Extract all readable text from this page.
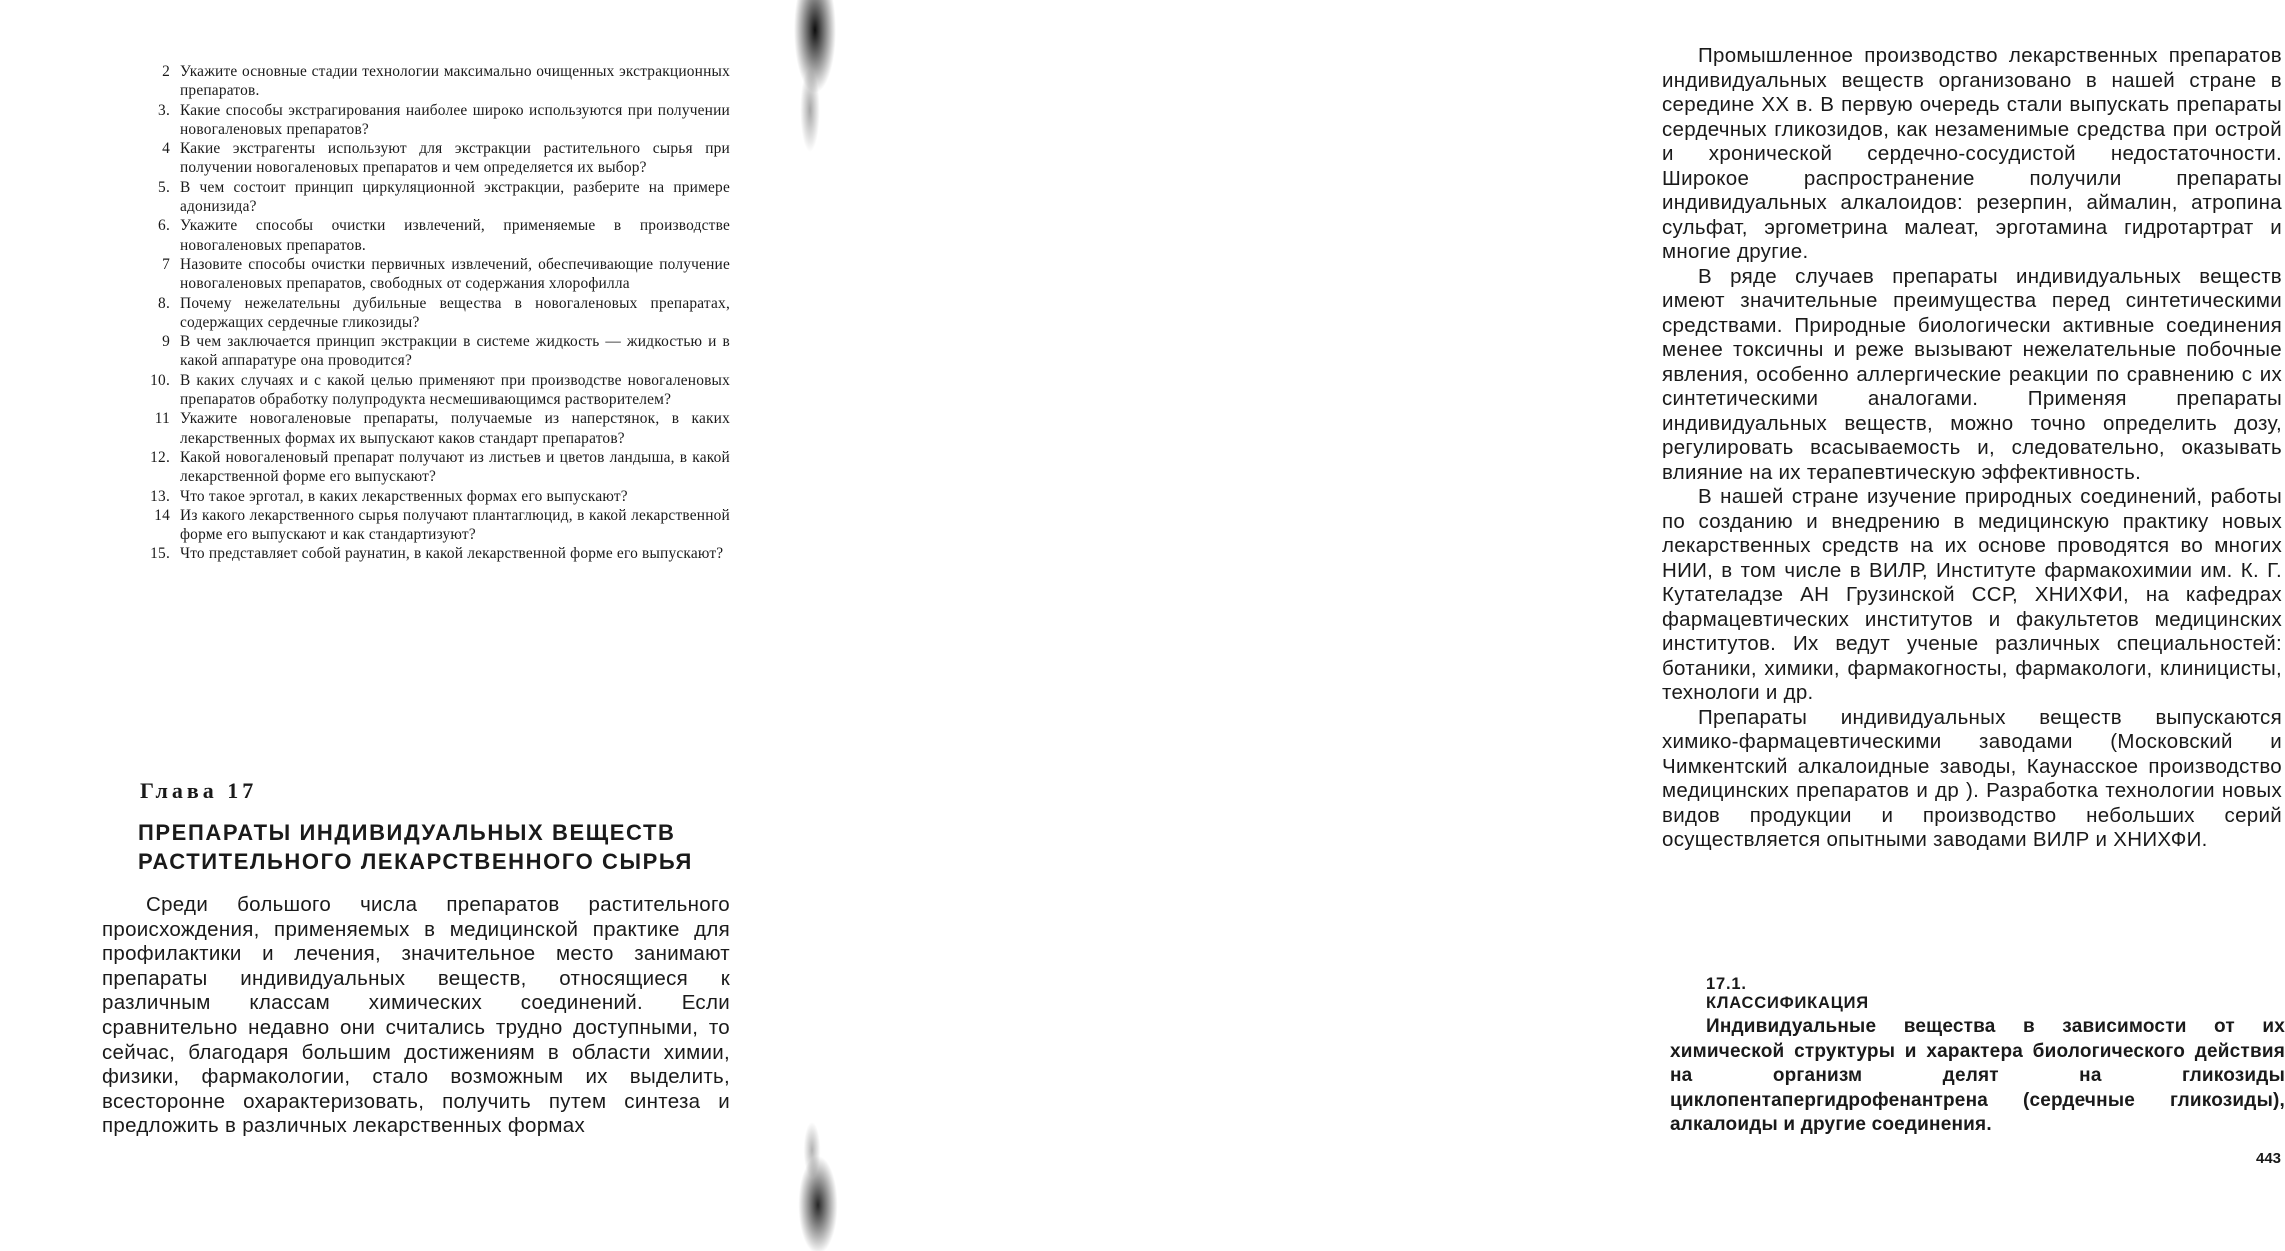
2 Укажите основные стадии технологии максимально очищенных экстракционных препаратов.
3. Какие способы экстрагирования наиболее широко используются при получении новогаленовых препаратов?
4 Какие экстрагенты используют для экстракции растительного сырья при получении новогаленовых препаратов и чем определяется их выбор?
5. В чем состоит принцип циркуляционной экстракции, разберите на примере адонизида?
6. Укажите способы очистки извлечений, применяемые в производстве новогаленовых препаратов.
7 Назовите способы очистки первичных извлечений, обеспечивающие получение новогаленовых препаратов, свободных от содержания хлорофилла
8. Почему нежелательны дубильные вещества в новогаленовых препаратах, содержащих сердечные гликозиды?
9 В чем заключается принцип экстракции в системе жидкость — жидкостью и в какой аппаратуре она проводится?
10. В каких случаях и с какой целью применяют при производстве новогаленовых препаратов обработку полупродукта несмешивающимся растворителем?
11 Укажите новогаленовые препараты, получаемые из наперстянок, в каких лекарственных формах их выпускают каков стандарт препаратов?
12. Какой новогаленовый препарат получают из листьев и цветов ландыша, в какой лекарственной форме его выпускают?
13. Что такое эрготал, в каких лекарственных формах его выпускают?
14 Из какого лекарственного сырья получают плантаглюцид, в какой лекарственной форме его выпускают и как стандартизуют?
15. Что представляет собой раунатин, в какой лекарственной форме его выпускают?
Глава 17
ПРЕПАРАТЫ ИНДИВИДУАЛЬНЫХ ВЕЩЕСТВ РАСТИТЕЛЬНОГО ЛЕКАРСТВЕННОГО СЫРЬЯ

Среди большого числа препаратов растительного происхождения, применяемых в медицинской практике для профилактики и лечения, значительное место занимают препараты индивидуальных веществ, относящиеся к различным классам химических соединений. Если сравнительно недавно они считались трудно доступными, то сейчас, благодаря большим достижениям в области химии, физики, фармакологии, стало возможным их выделить, всесторонне охарактеризовать, получить путем синтеза и предложить в различных лекарственных формах

Промышленное производство лекарственных препаратов индивидуальных веществ организовано в нашей стране в середине XX в. В первую очередь стали выпускать препараты сердечных гликозидов, как незаменимые средства при острой и хронической сердечно-сосудистой недостаточности. Широкое распространение получили препараты индивидуальных алкалоидов: резерпин, аймалин, атропина сульфат, эргометрина малеат, эрготамина гидротартрат и многие другие.

В ряде случаев препараты индивидуальных веществ имеют значительные преимущества перед синтетическими средствами. Природные биологически активные соединения менее токсичны и реже вызывают нежелательные побочные явления, особенно аллергические реакции по сравнению с их синтетическими аналогами. Применяя препараты индивидуальных веществ, можно точно определить дозу, регулировать всасываемость и, следовательно, оказывать влияние на их терапевтическую эффективность.

В нашей стране изучение природных соединений, работы по созданию и внедрению в медицинскую практику новых лекарственных средств на их основе проводятся во многих НИИ, в том числе в ВИЛР, Институте фармакохимии им. К. Г. Кутателадзе АН Грузинской ССР, ХНИХФИ, на кафедрах фармацевтических институтов и факультетов медицинских институтов. Их ведут ученые различных специальностей: ботаники, химики, фармакогносты, фармакологи, клиницисты, технологи и др.

Препараты индивидуальных веществ выпускаются химико-фармацевтическими заводами (Московский и Чимкентский алкалоидные заводы, Каунасское производство медицинских препаратов и др ). Разработка технологии новых видов продукции и производство небольших серий осуществляется опытными заводами ВИЛР и ХНИХФИ.

17.1. КЛАССИФИКАЦИЯ

Индивидуальные вещества в зависимости от их химической структуры и характера биологического действия на организм делят на гликозиды циклопентапергидрофенантрена (сердечные гликозиды), алкалоиды и другие соединения.

443
